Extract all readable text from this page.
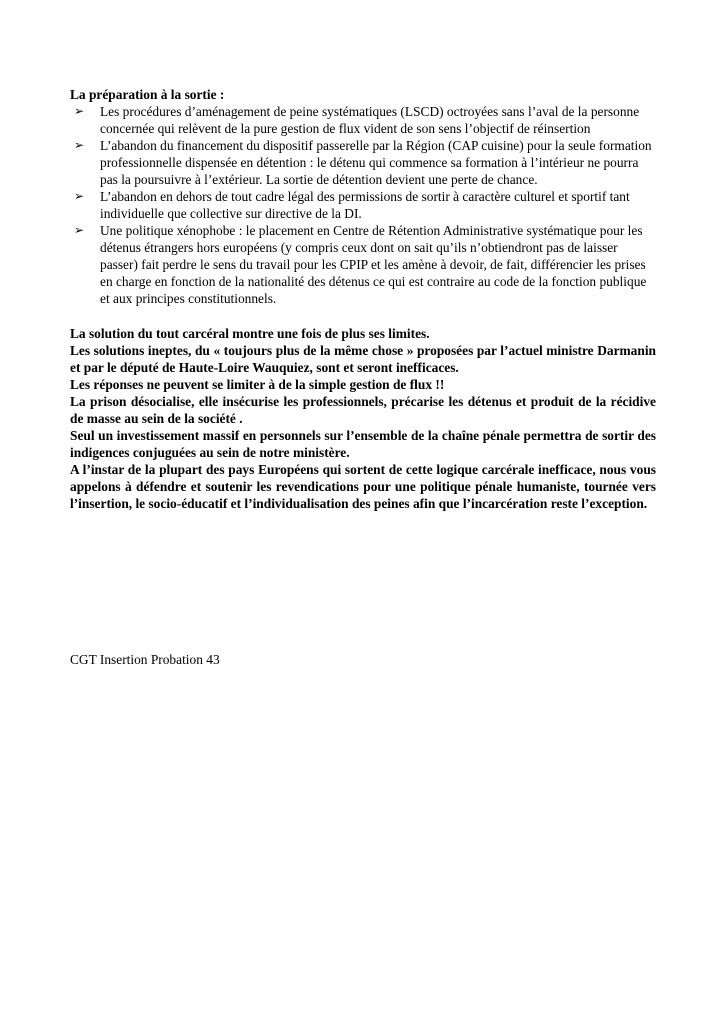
La préparation à la sortie :
➢ Les procédures d’aménagement de peine systématiques (LSCD) octroyées sans l’aval de la personne concernée qui relèvent de la pure gestion de flux vident de son sens l’objectif de réinsertion
➢ L’abandon du financement du dispositif passerelle par la Région (CAP cuisine) pour la seule formation professionnelle dispensée en détention : le détenu qui commence sa formation à l’intérieur ne pourra pas la poursuivre à l’extérieur. La sortie de détention devient une perte de chance.
➢ L’abandon en dehors de tout cadre légal des permissions de sortir à caractère culturel et sportif tant individuelle que collective sur directive de la DI.
➢ Une politique xénophobe : le placement en Centre de Rétention Administrative systématique pour les détenus étrangers hors européens (y compris ceux dont on sait qu’ils n’obtiendront pas de laisser passer) fait perdre le sens du travail pour les CPIP et les amène à devoir, de fait, différencier les prises en charge en fonction de la nationalité des détenus ce qui est contraire au code de la fonction publique et aux principes constitutionnels.

La solution du tout carcéral montre une fois de plus ses limites.

Les solutions ineptes, du « toujours plus de la même chose » proposées par l’actuel ministre Darmanin et par le député de Haute-Loire Wauquiez, sont et seront inefficaces.

Les réponses ne peuvent se limiter à de la simple gestion de flux !!

La prison désocialise, elle insécurise les professionnels, précarise les détenus et produit de la récidive de masse au sein de la société .

Seul un investissement massif en personnels sur l’ensemble de la chaîne pénale permettra de sortir des indigences conjuguées au sein de notre ministère.

A l’instar de la plupart des pays Européens qui sortent de cette logique carcérale inefficace, nous vous appelons à défendre et soutenir les revendications pour une politique pénale humaniste, tournée vers l’insertion, le socio-éducatif et l’individualisation des peines afin que l’incarcération reste l’exception.

CGT Insertion Probation 43
